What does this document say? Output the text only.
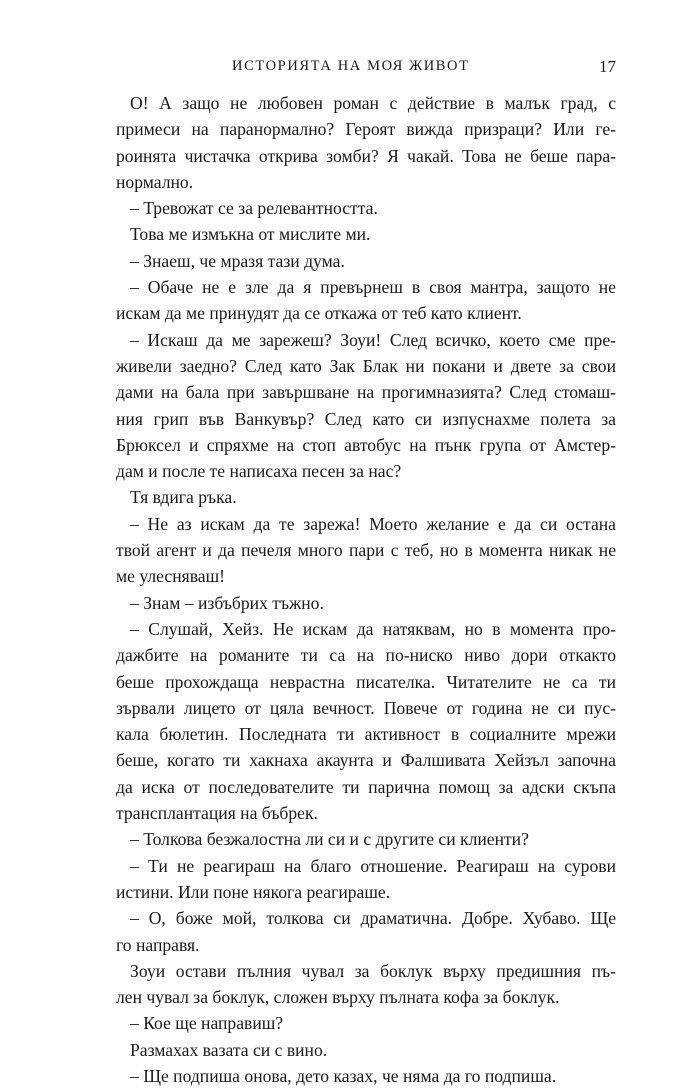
ИСТОРИЯТА НА МОЯ ЖИВОТ	17
О! А защо не любовен роман с действие в малък град, с
примеси на паранормално? Героят вижда призраци? Или ге-
роинята чистачка открива зомби? Я чакай. Това не беше пара-
нормално.
– Тревожат се за релевантността.
Това ме измъкна от мислите ми.
– Знаеш, че мразя тази дума.
– Обаче не е зле да я превърнеш в своя мантра, защото не
искам да ме принудят да се откажа от теб като клиент.
– Искаш да ме зарежеш? Зоуи! След всичко, което сме пре-
живели заедно? След като Зак Блак ни покани и двете за свои
дами на бала при завършване на прогимназията? След стомаш-
ния грип във Ванкувър? След като си изпуснахме полета за
Брюксел и спряхме на стоп автобус на пънк група от Амстер-
дам и после те написаха песен за нас?
Тя вдига ръка.
– Не аз искам да те зарежа! Моето желание е да си остана
твой агент и да печеля много пари с теб, но в момента никак не
ме улесняваш!
– Знам – избъбрих тъжно.
– Слушай, Хейз. Не искам да натяквам, но в момента про-
дажбите на романите ти са на по-ниско ниво дори откакто
беше прохождаща неврастна писателка. Читателите не са ти
зървали лицето от цяла вечност. Повече от година не си пус-
кала бюлетин. Последната ти активност в социалните мрежи
беше, когато ти хакнаха акаунта и Фалшивата Хейзъл започна
да иска от последователите ти парична помощ за адски скъпа
трансплантация на бъбрек.
– Толкова безжалостна ли си и с другите си клиенти?
– Ти не реагираш на благо отношение. Реагираш на сурови
истини. Или поне някога реагираше.
– О, боже мой, толкова си драматична. Добре. Хубаво. Ще
го направя.
Зоуи остави пълния чувал за боклук върху предишния пъ-
лен чувал за боклук, сложен върху пълната кофа за боклук.
– Кое ще направиш?
Размахах вазата си с вино.
– Ще подпиша онова, дето казах, че няма да го подпиша.
